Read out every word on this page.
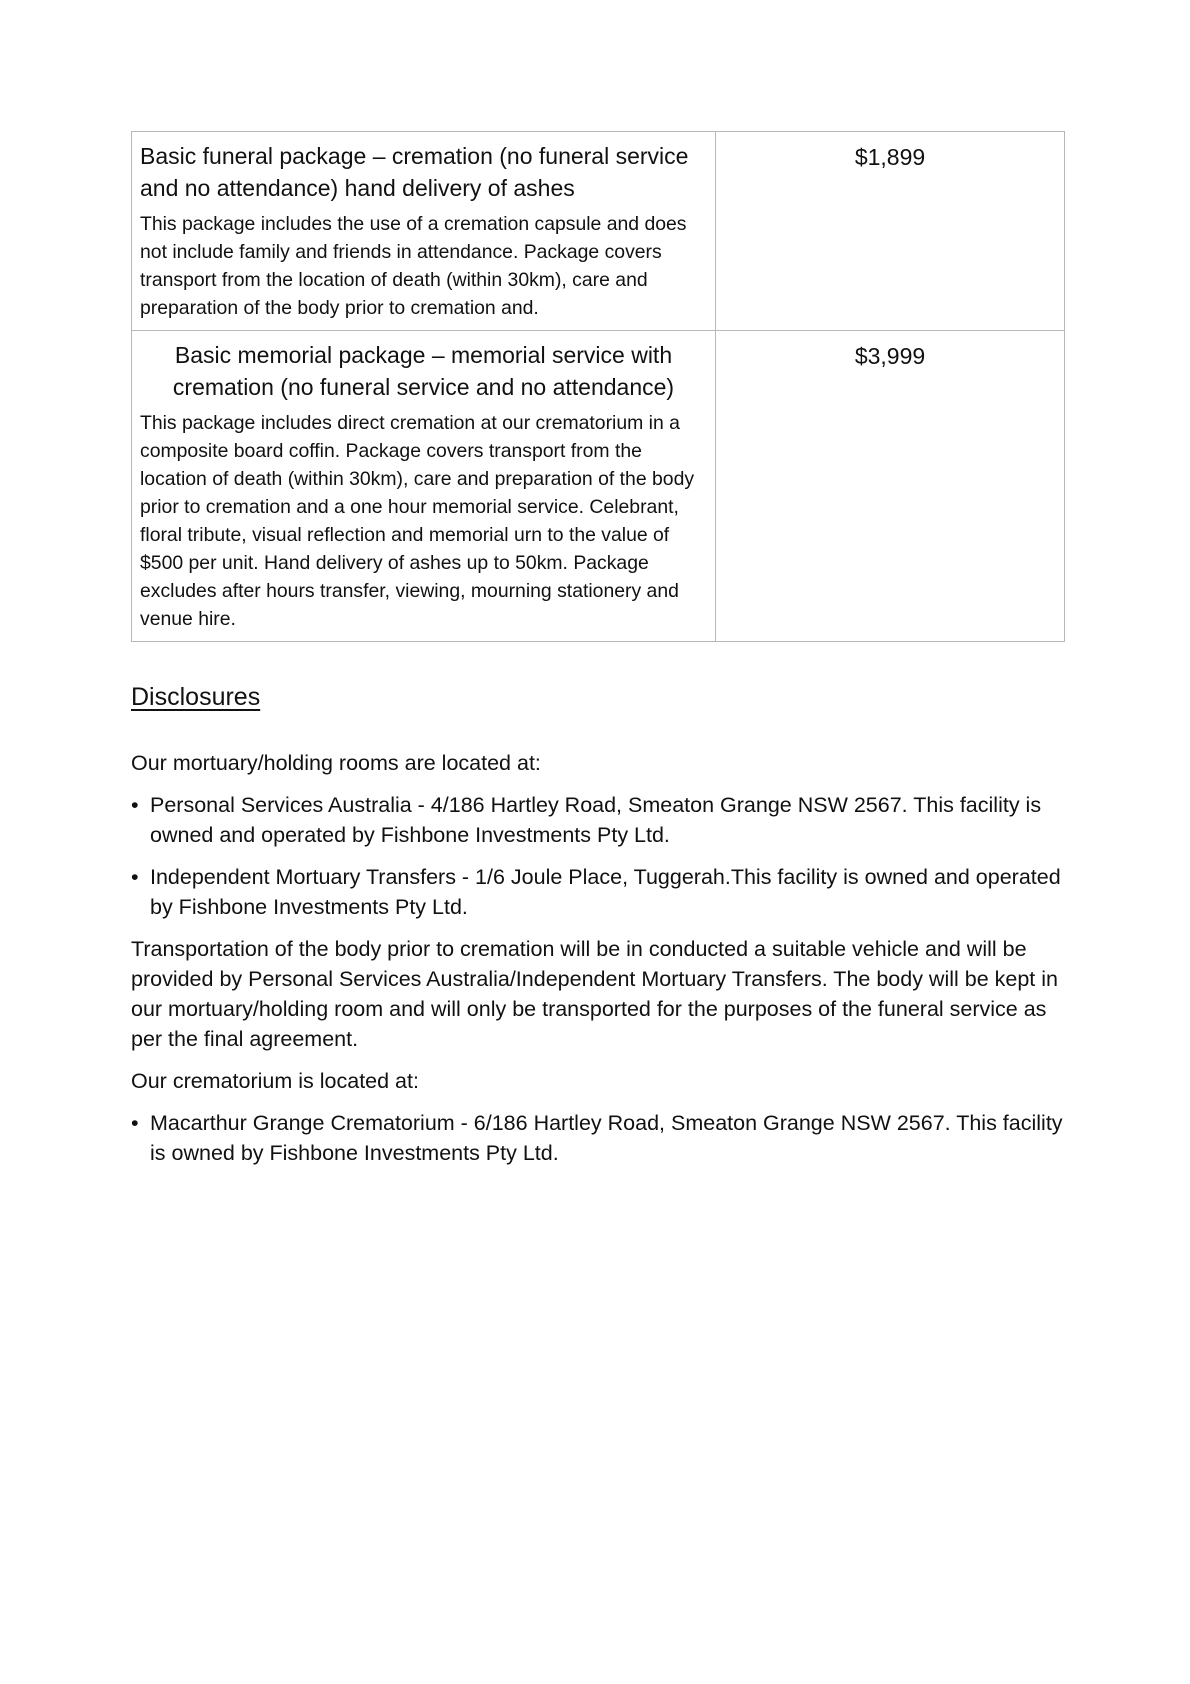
Basic funeral package – cremation (no funeral service and no attendance) hand delivery of ashes

This package includes the use of a cremation capsule and does not include family and friends in attendance. Package covers transport from the location of death (within 30km), care and preparation of the body prior to cremation and.	$1,899

Basic memorial package – memorial service with cremation (no funeral service and no attendance)

This package includes direct cremation at our crematorium in a composite board coffin. Package covers transport from the location of death (within 30km), care and preparation of the body prior to cremation and a one hour memorial service. Celebrant, floral tribute, visual reflection and memorial urn to the value of $500 per unit. Hand delivery of ashes up to 50km. Package excludes after hours transfer, viewing, mourning stationery and venue hire.	$3,999
Disclosures

Our mortuary/holding rooms are located at:

• Personal Services Australia - 4/186 Hartley Road, Smeaton Grange NSW 2567. This facility is owned and operated by Fishbone Investments Pty Ltd.
• Independent Mortuary Transfers - 1/6 Joule Place, Tuggerah.This facility is owned and operated by Fishbone Investments Pty Ltd.

Transportation of the body prior to cremation will be in conducted a suitable vehicle and will be provided by Personal Services Australia/Independent Mortuary Transfers. The body will be kept in our mortuary/holding room and will only be transported for the purposes of the funeral service as per the final agreement.

Our crematorium is located at:

• Macarthur Grange Crematorium - 6/186 Hartley Road, Smeaton Grange NSW 2567. This facility is owned by Fishbone Investments Pty Ltd.
